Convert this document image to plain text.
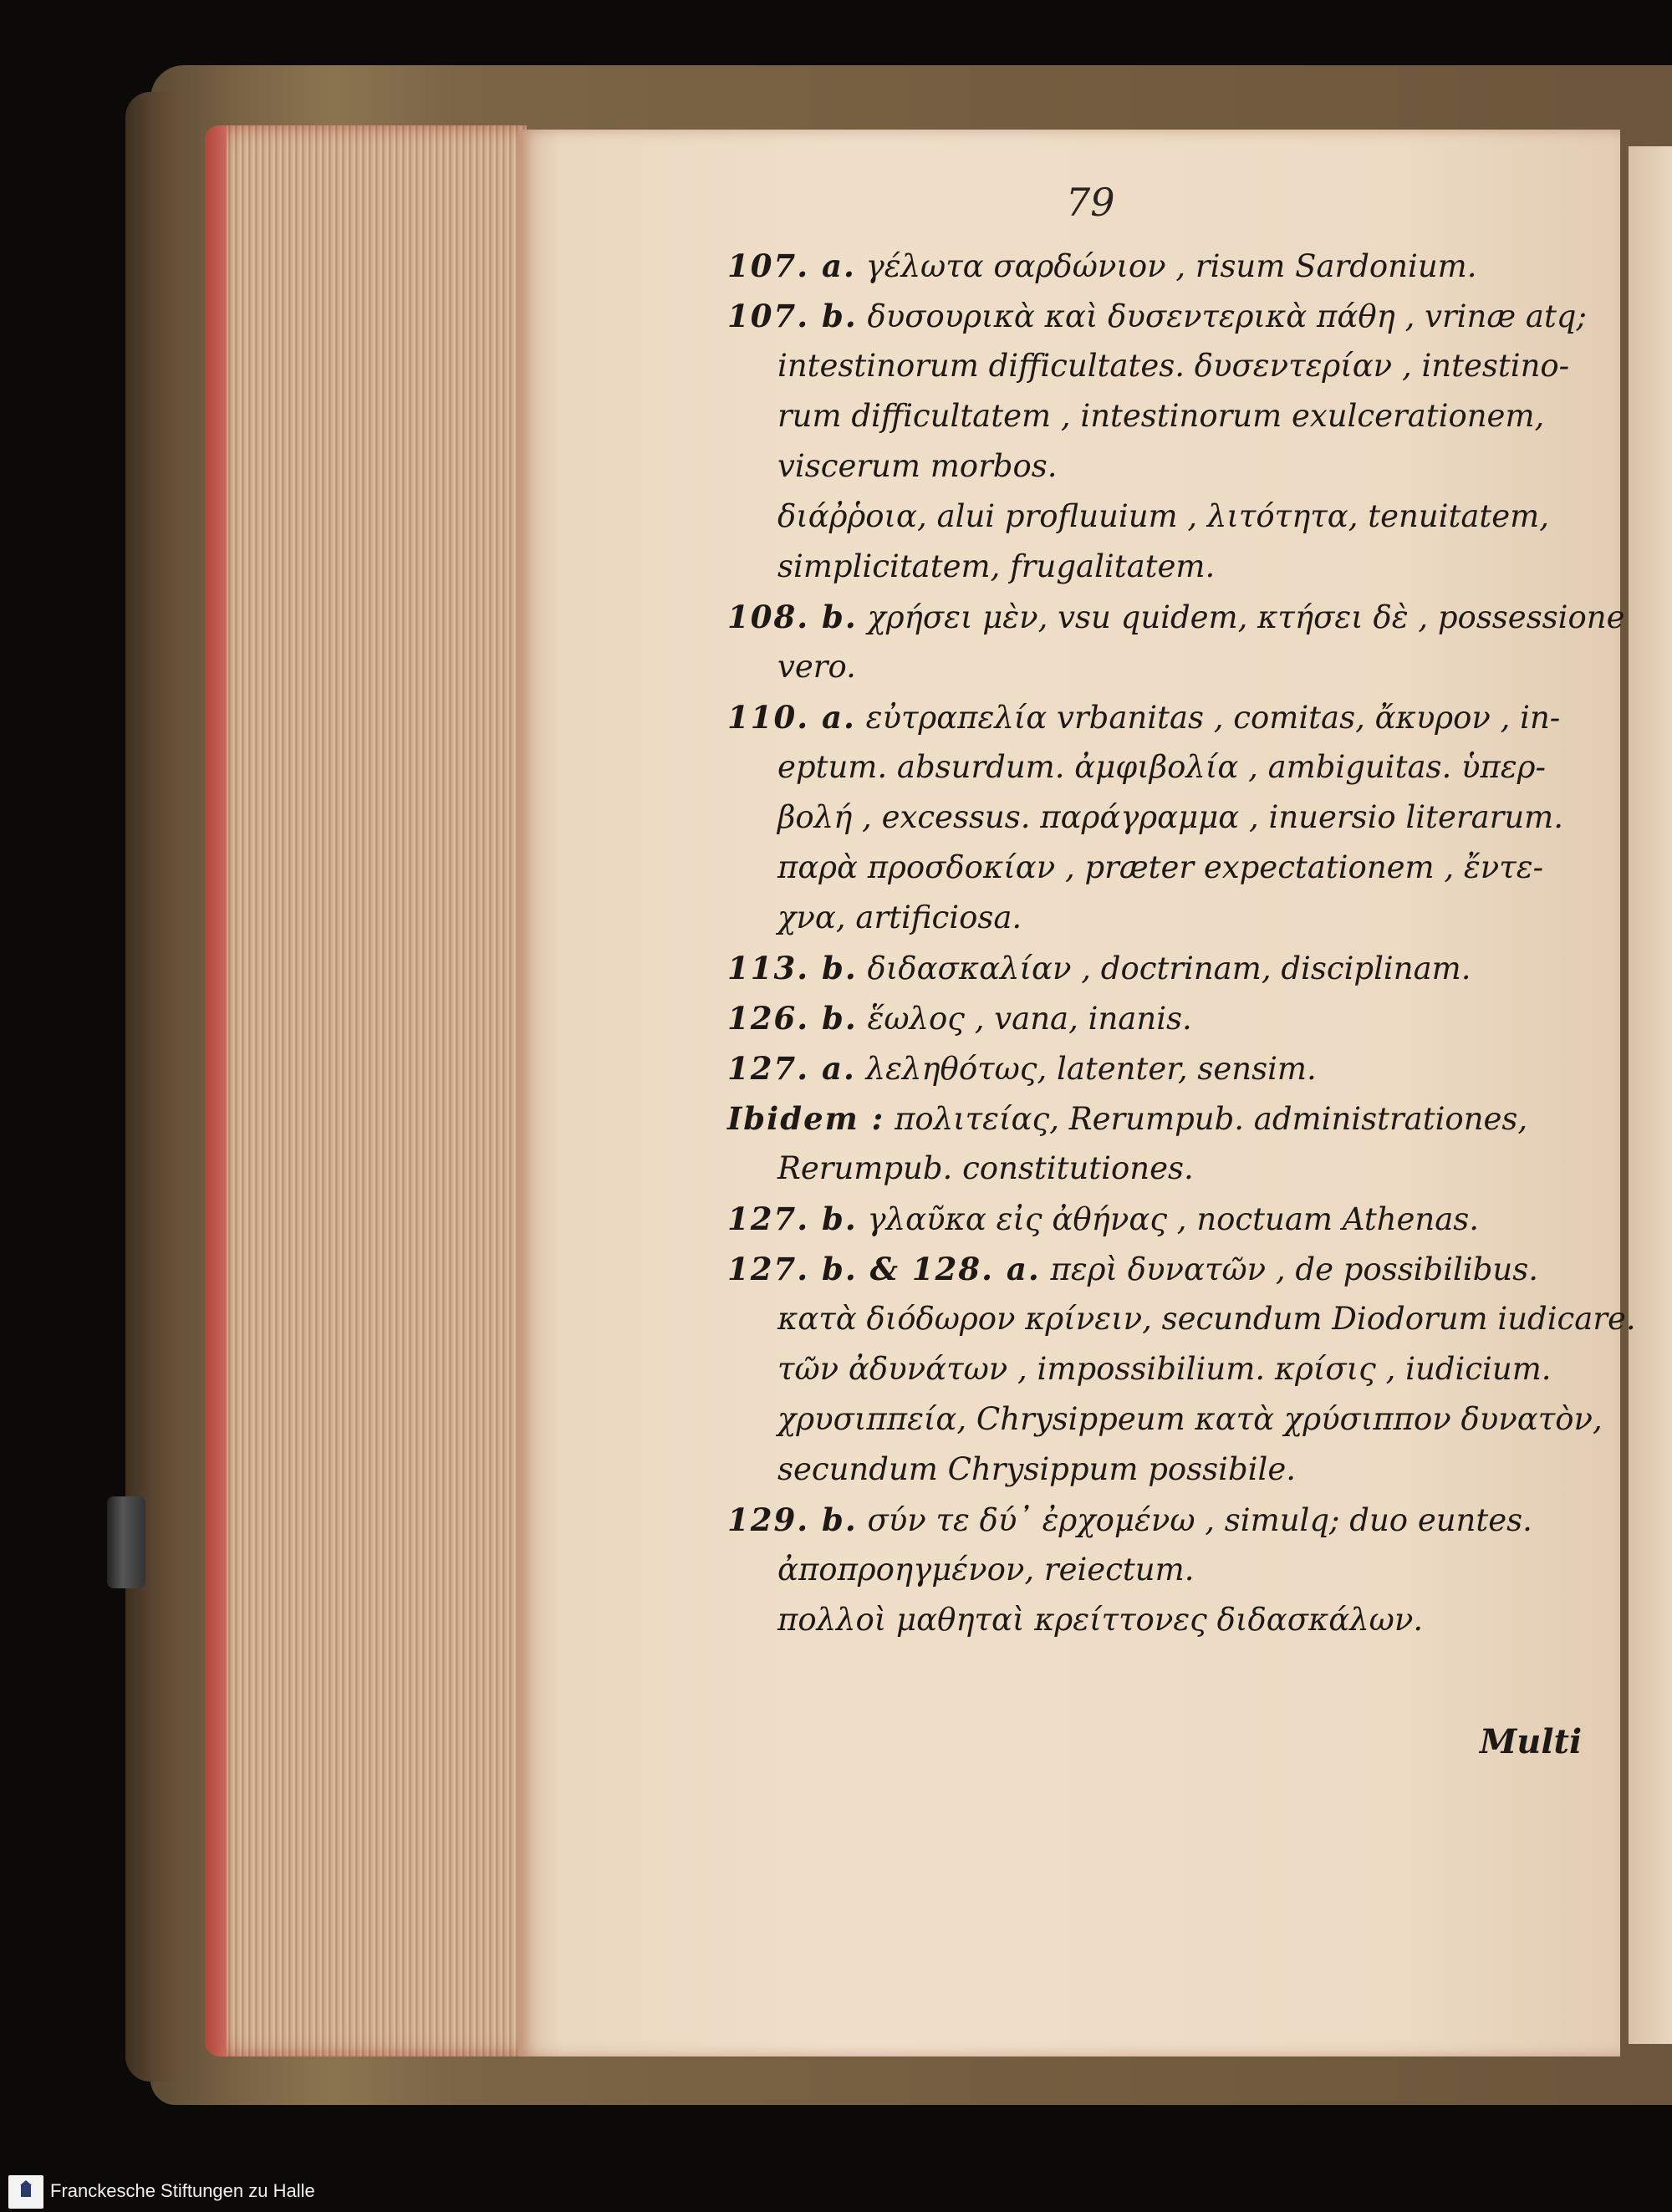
79

107. a. γέλωτα σαρδώνιον , risum Sardonium.

107. b. δυσουρικὰ καὶ δυσεντερικὰ πάθη , vrinæ atq;

intestinorum difficultates. δυσεντερίαν , intestino-

rum difficultatem , intestinorum exulcerationem,

viscerum morbos.

διάῤῥοια, alui profluuium , λιτότητα, tenuitatem,

simplicitatem, frugalitatem.

108. b. χρήσει μὲν, vsu quidem, κτήσει δὲ , possessione

vero.

110. a. εὐτραπελία vrbanitas , comitas, ἄκυρον , in-

eptum. absurdum. ἀμφιβολία , ambiguitas. ὑπερ-

βολή , excessus. παράγραμμα , inuersio literarum.

παρὰ προσδοκίαν , præter expectationem , ἔντε-

χνα, artificiosa.

113. b. διδασκαλίαν , doctrinam, disciplinam.

126. b. ἕωλος , vana, inanis.

127. a. λεληθότως, latenter, sensim.

Ibidem : πολιτείας, Rerumpub. administrationes,

Rerumpub. constitutiones.

127. b. γλαῦκα εἰς ἀθήνας , noctuam Athenas.

127. b. & 128. a. περὶ δυνατῶν , de possibilibus.

κατὰ διόδωρον κρίνειν, secundum Diodorum iudicare.

τῶν ἀδυνάτων , impossibilium. κρίσις , iudicium.

χρυσιππεία, Chrysippeum κατὰ χρύσιππον δυνατὸν,

secundum Chrysippum possibile.

129. b. σύν τε δύ᾽ ἐρχομένω , simulq; duo euntes.

ἀποπροηγμένον, reiectum.

πολλοὶ μαθηταὶ κρείττονες διδασκάλων.

Multi

Franckesche Stiftungen zu Halle
